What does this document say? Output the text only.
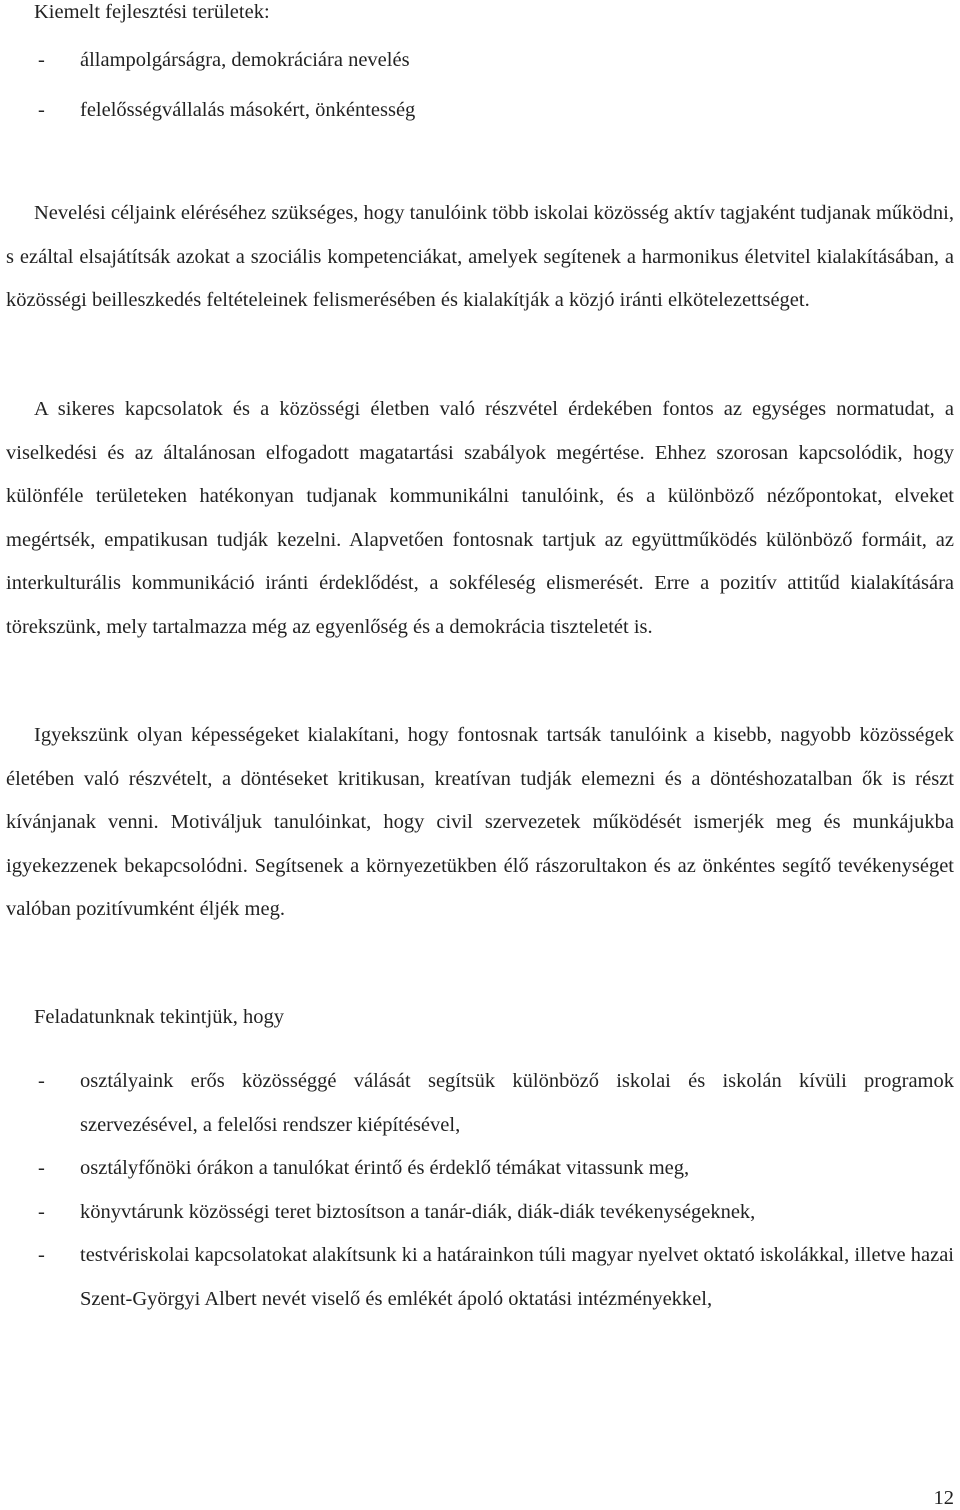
Kiemelt fejlesztési területek:

- állampolgárságra, demokráciára nevelés
- felelősségvállalás másokért, önkéntesség

Nevelési céljaink eléréséhez szükséges, hogy tanulóink több iskolai közösség aktív tagjaként tudjanak működni, s ezáltal elsajátítsák azokat a szociális kompetenciákat, amelyek segítenek a harmonikus életvitel kialakításában, a közösségi beilleszkedés feltételeinek felismerésében és kialakítják a közjó iránti elkötelezettséget.

A sikeres kapcsolatok és a közösségi életben való részvétel érdekében fontos az egységes normatudat, a viselkedési és az általánosan elfogadott magatartási szabályok megértése. Ehhez szorosan kapcsolódik, hogy különféle területeken hatékonyan tudjanak kommunikálni tanulóink, és a különböző nézőpontokat, elveket megértsék, empatikusan tudják kezelni. Alapvetően fontosnak tartjuk az együttműködés különböző formáit, az interkulturális kommunikáció iránti érdeklődést, a sokféleség elismerését. Erre a pozitív attitűd kialakítására törekszünk, mely tartalmazza még az egyenlőség és a demokrácia tiszteletét is.

Igyekszünk olyan képességeket kialakítani, hogy fontosnak tartsák tanulóink a kisebb, nagyobb közösségek életében való részvételt, a döntéseket kritikusan, kreatívan tudják elemezni és a döntéshozatalban ők is részt kívánjanak venni. Motiváljuk tanulóinkat, hogy civil szervezetek működését ismerjék meg és munkájukba igyekezzenek bekapcsolódni. Segítsenek a környezetükben élő rászorultakon és az önkéntes segítő tevékenységet valóban pozitívumként éljék meg.

Feladatunknak tekintjük, hogy

- osztályaink erős közösséggé válását segítsük különböző iskolai és iskolán kívüli programok szervezésével, a felelősi rendszer kiépítésével,
- osztályfőnöki órákon a tanulókat érintő és érdeklő témákat vitassunk meg,
- könyvtárunk közösségi teret biztosítson a tanár-diák, diák-diák tevékenységeknek,
- testvériskolai kapcsolatokat alakítsunk ki a határainkon túli magyar nyelvet oktató iskolákkal, illetve hazai Szent-Györgyi Albert nevét viselő és emlékét ápoló oktatási intézményekkel,
12
